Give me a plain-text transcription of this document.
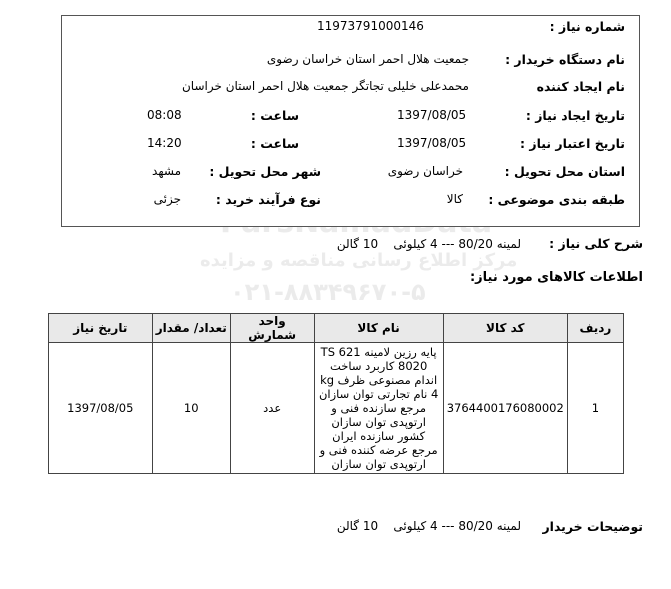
مرکز اطلاع رسانی مناقصه و مزایده
۰۲۱-۸۸۳۴۹۶۷۰-۵
شماره نیاز :
11973791000146
نام دستگاه خریدار :
جمعیت هلال احمر استان خراسان رضوی
نام ایجاد کننده
محمدعلی خلیلی تجاتگر جمعیت هلال احمر استان خراسان
تاریخ ایجاد نیاز :
1397/08/05
ساعت :
08:08
تاریخ اعتبار نیاز :
1397/08/05
ساعت :
14:20
استان محل تحویل :
خراسان رضوی
شهر محل تحویل :
مشهد
طبقه بندی موضوعی :
کالا
نوع فرآیند خرید :
جزئی
شرح کلی نیاز :
لمینه 80/20 --- 4 کیلوئی    10 گالن
اطلاعات کالاهای مورد نیاز:
ردیف	کد کالا	نام کالا	واحد شمارش	تعداد/ مقدار	تاریخ نیاز
1	3764400176080002	پایه رزین لامینه TS 621 8020 کاربرد ساخت اندام مصنوعی ظرف kg 4 نام تجارتی توان سازان مرجع سازنده فنی و ارتوپدی توان سازان کشور سازنده ایران مرجع عرضه کننده فنی و ارتوپدی توان سازان	عدد	10	1397/08/05
توضیحات خریدار
لمینه 80/20 --- 4 کیلوئی    10 گالن
